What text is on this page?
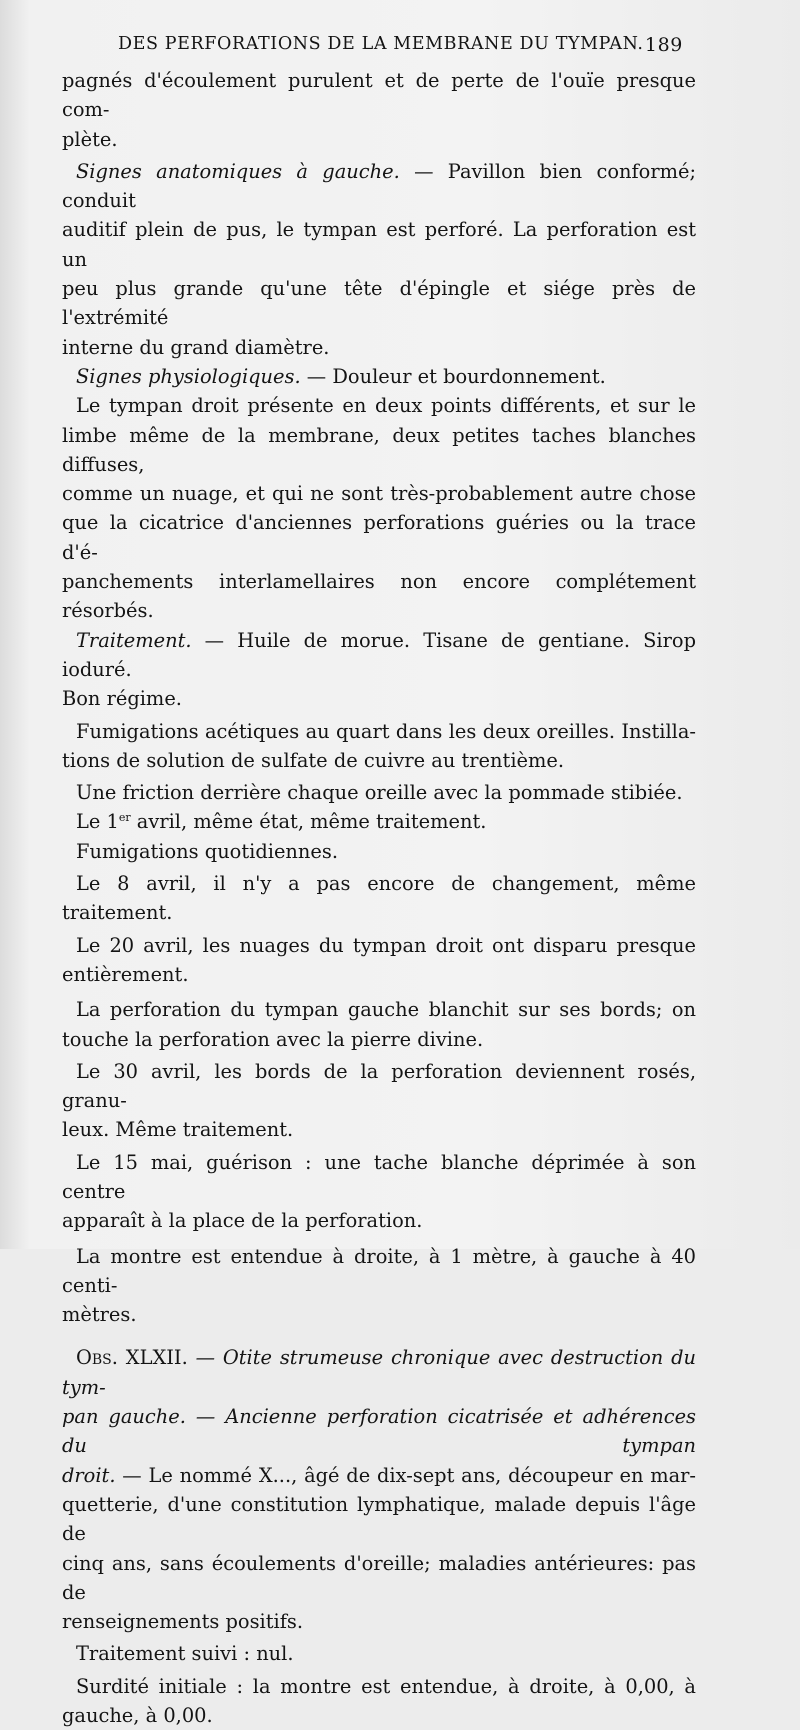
DES PERFORATIONS DE LA MEMBRANE DU TYMPAN. 189

pagnés d'écoulement purulent et de perte de l'ouïe presque com-

plète.

Signes anatomiques à gauche. — Pavillon bien conformé; conduit

auditif plein de pus, le tympan est perforé. La perforation est un

peu plus grande qu'une tête d'épingle et siége près de l'extrémité

interne du grand diamètre.

Signes physiologiques. — Douleur et bourdonnement.

Le tympan droit présente en deux points différents, et sur le

limbe même de la membrane, deux petites taches blanches diffuses,

comme un nuage, et qui ne sont très-probablement autre chose

que la cicatrice d'anciennes perforations guéries ou la trace d'é-

panchements interlamellaires non encore complétement résorbés.

Traitement. — Huile de morue. Tisane de gentiane. Sirop ioduré.

Bon régime.

Fumigations acétiques au quart dans les deux oreilles. Instilla-

tions de solution de sulfate de cuivre au trentième.

Une friction derrière chaque oreille avec la pommade stibiée.

Le 1er avril, même état, même traitement.

Fumigations quotidiennes.

Le 8 avril, il n'y a pas encore de changement, même traitement.

Le 20 avril, les nuages du tympan droit ont disparu presque

entièrement.

La perforation du tympan gauche blanchit sur ses bords; on

touche la perforation avec la pierre divine.

Le 30 avril, les bords de la perforation deviennent rosés, granu-

leux. Même traitement.

Le 15 mai, guérison : une tache blanche déprimée à son centre

apparaît à la place de la perforation.

La montre est entendue à droite, à 1 mètre, à gauche à 40 centi-

mètres.

Obs. XLXII. — Otite strumeuse chronique avec destruction du tym-

pan gauche. — Ancienne perforation cicatrisée et adhérences du tympan

droit. — Le nommé X..., âgé de dix-sept ans, découpeur en mar-

quetterie, d'une constitution lymphatique, malade depuis l'âge de

cinq ans, sans écoulements d'oreille; maladies antérieures: pas de

renseignements positifs.

Traitement suivi : nul.

Surdité initiale : la montre est entendue, à droite, à 0,00, à

gauche, à 0,00.
